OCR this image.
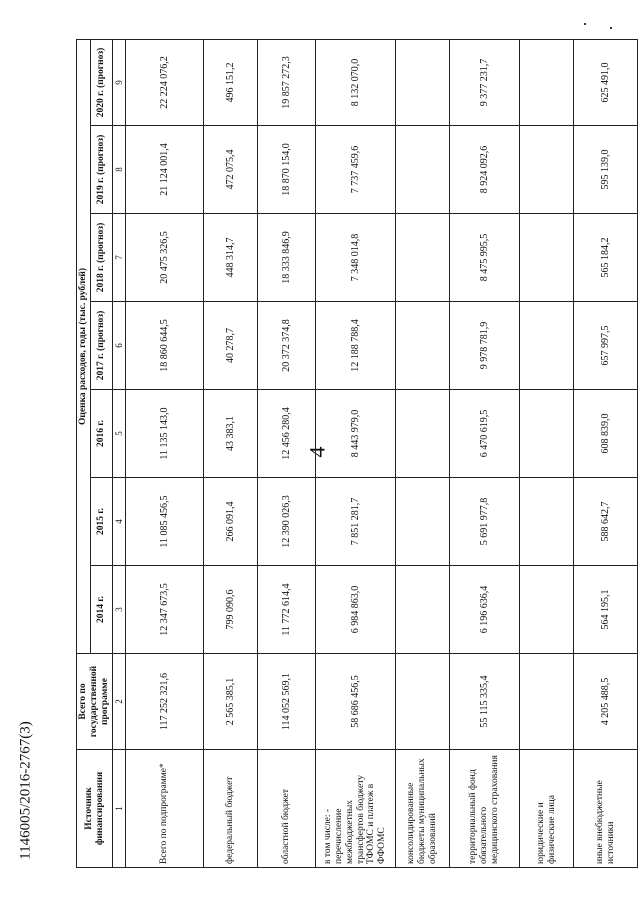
4
Источник финансирования	Всего по государственной программе	Оценка расходов, годы (тыс. рублей)						
		2014 г.	2015 г.	2016 г.	2017 г. (прогноз)	2018 г. (прогноз)	2019 г. (прогноз)	2020 г. (прогноз)
1	2	3	4	5	6	7	8	9
Всего по подпрограмме*	117 252 321,6	12 347 673,5	11 085 456,5	11 135 143,0	18 860 644,5	20 475 326,5	21 124 001,4	22 224 076,2
федеральный бюджет	2 565 385,1	799 090,6	266 091,4	43 383,1	40 278,7	448 314,7	472 075,4	496 151,2
областной бюджет	114 052 569,1	11 772 614,4	12 390 026,3	12 456 280,4	20 372 374,8	18 333 846,9	18 870 154,0	19 857 272,3
в том числе: - перечисление межбюджетных трансфертов бюджету ТФОМС и платеж в ФФОМС	58 686 456,5	6 984 863,0	7 851 281,7	8 443 979,0	12 188 788,4	7 348 014,8	7 737 459,6	8 132 070,0
консолидированные бюджеты муниципальных образований								
территориальный фонд обязательного медицинского страхования	55 115 335,4	6 196 636,4	5 691 977,8	6 470 619,5	9 978 781,9	8 475 995,5	8 924 092,6	9 377 231,7
юридические и физические лица								
иные внебюджетные источники	4 205 488,5	564 195,1	588 642,7	608 839,0	657 997,5	565 184,2	595 139,0	625 491,0
1146005/2016-2767(3)
